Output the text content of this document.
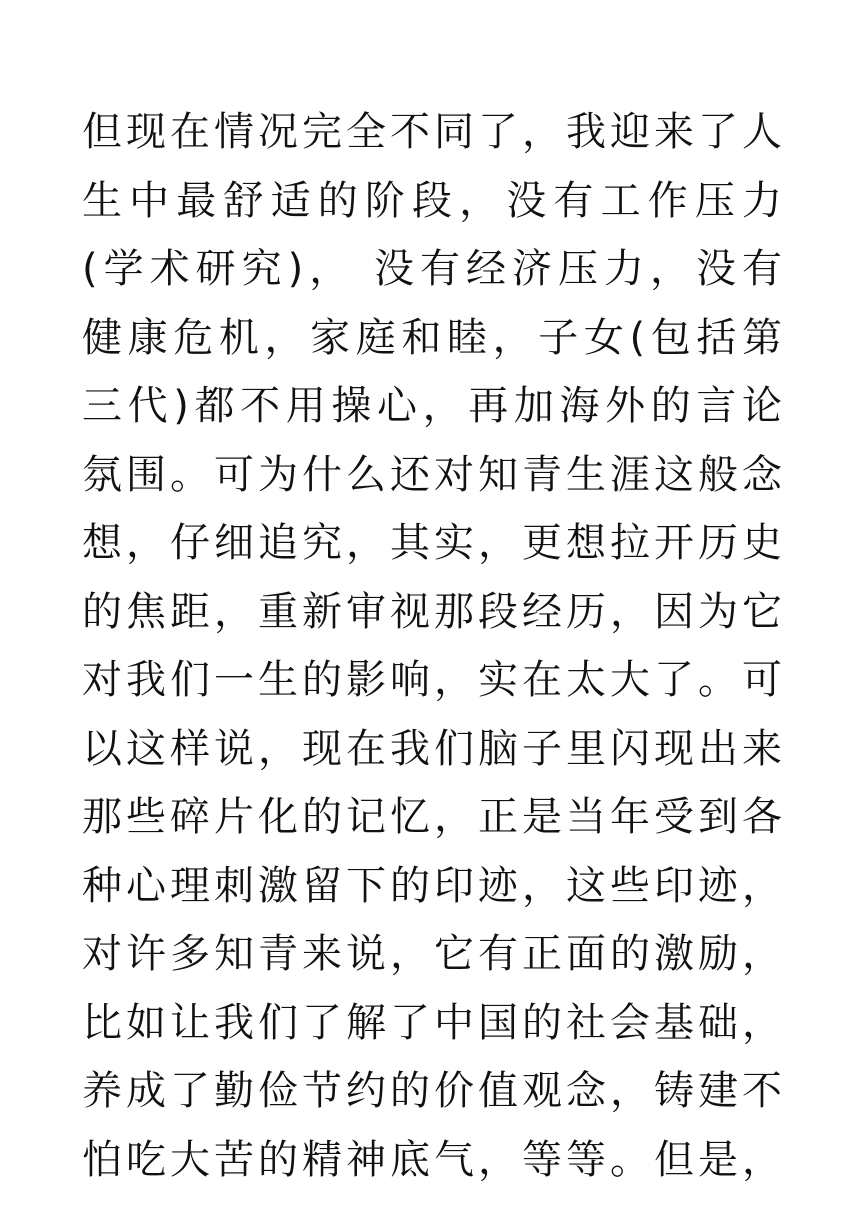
但现在情况完全不同了，我迎来了人
生中最舒适的阶段，没有工作压力
(学术研究)， 没有经济压力，没有
健康危机，家庭和睦，子女(包括第
三代)都不用操心，再加海外的言论
氛围。可为什么还对知青生涯这般念
想，仔细追究，其实，更想拉开历史
的焦距，重新审视那段经历，因为它
对我们一生的影响，实在太大了。可
以这样说，现在我们脑子里闪现出来
那些碎片化的记忆，正是当年受到各
种心理刺激留下的印迹，这些印迹，
对许多知青来说，它有正面的激励，
比如让我们了解了中国的社会基础，
养成了勤俭节约的价值观念，铸建不
怕吃大苦的精神底气，等等。但是，
